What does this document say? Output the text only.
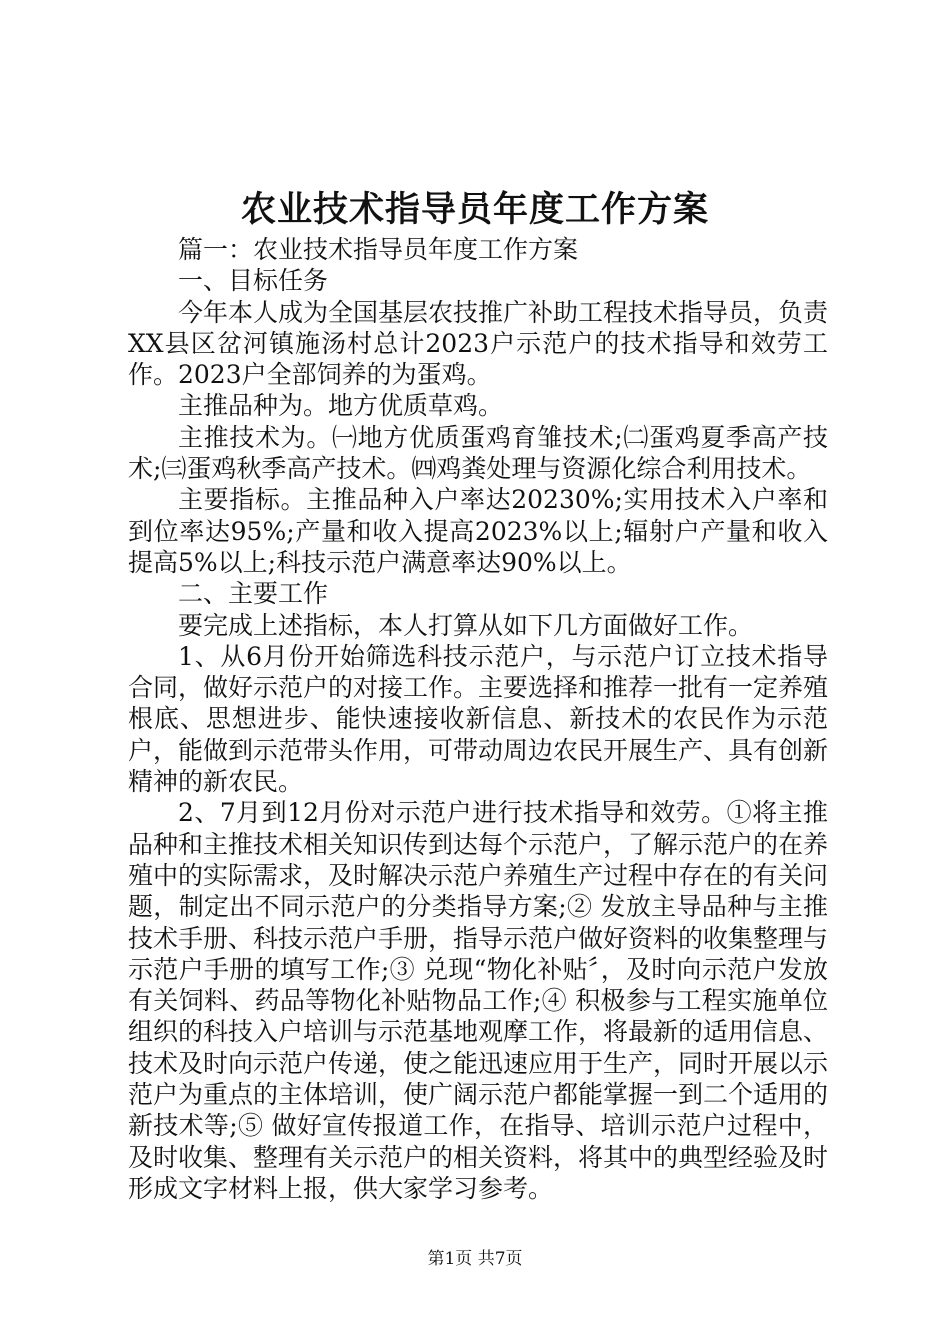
农业技术指导员年度工作方案

篇一：农业技术指导员年度工作方案

一、目标任务

今年本人成为全国基层农技推广补助工程技术指导员，负责XX县区岔河镇施汤村总计2023户示范户的技术指导和效劳工作。2023户全部饲养的为蛋鸡。

主推品种为。地方优质草鸡。

主推技术为。㈠地方优质蛋鸡育雏技术;㈡蛋鸡夏季高产技术;㈢蛋鸡秋季高产技术。㈣鸡粪处理与资源化综合利用技术。

主要指标。主推品种入户率达20230%;实用技术入户率和到位率达95%;产量和收入提高2023%以上;辐射户产量和收入提高5%以上;科技示范户满意率达90%以上。

二、主要工作

要完成上述指标，本人打算从如下几方面做好工作。

1、从6月份开始筛选科技示范户，与示范户订立技术指导合同，做好示范户的对接工作。主要选择和推荐一批有一定养殖根底、思想进步、能快速接收新信息、新技术的农民作为示范户，能做到示范带头作用，可带动周边农民开展生产、具有创新精神的新农民。

2、7月到12月份对示范户进行技术指导和效劳。①将主推品种和主推技术相关知识传到达每个示范户，了解示范户的在养殖中的实际需求，及时解决示范户养殖生产过程中存在的有关问题，制定出不同示范户的分类指导方案;② 发放主导品种与主推技术手册、科技示范户手册，指导示范户做好资料的收集整理与示范户手册的填写工作;③ 兑现“物化补贴〞，及时向示范户发放有关饲料、药品等物化补贴物品工作;④ 积极参与工程实施单位组织的科技入户培训与示范基地观摩工作，将最新的适用信息、技术及时向示范户传递，使之能迅速应用于生产，同时开展以示范户为重点的主体培训，使广阔示范户都能掌握一到二个适用的新技术等;⑤ 做好宣传报道工作，在指导、培训示范户过程中，及时收集、整理有关示范户的相关资料，将其中的典型经验及时形成文字材料上报，供大家学习参考。

第1页 共7页
